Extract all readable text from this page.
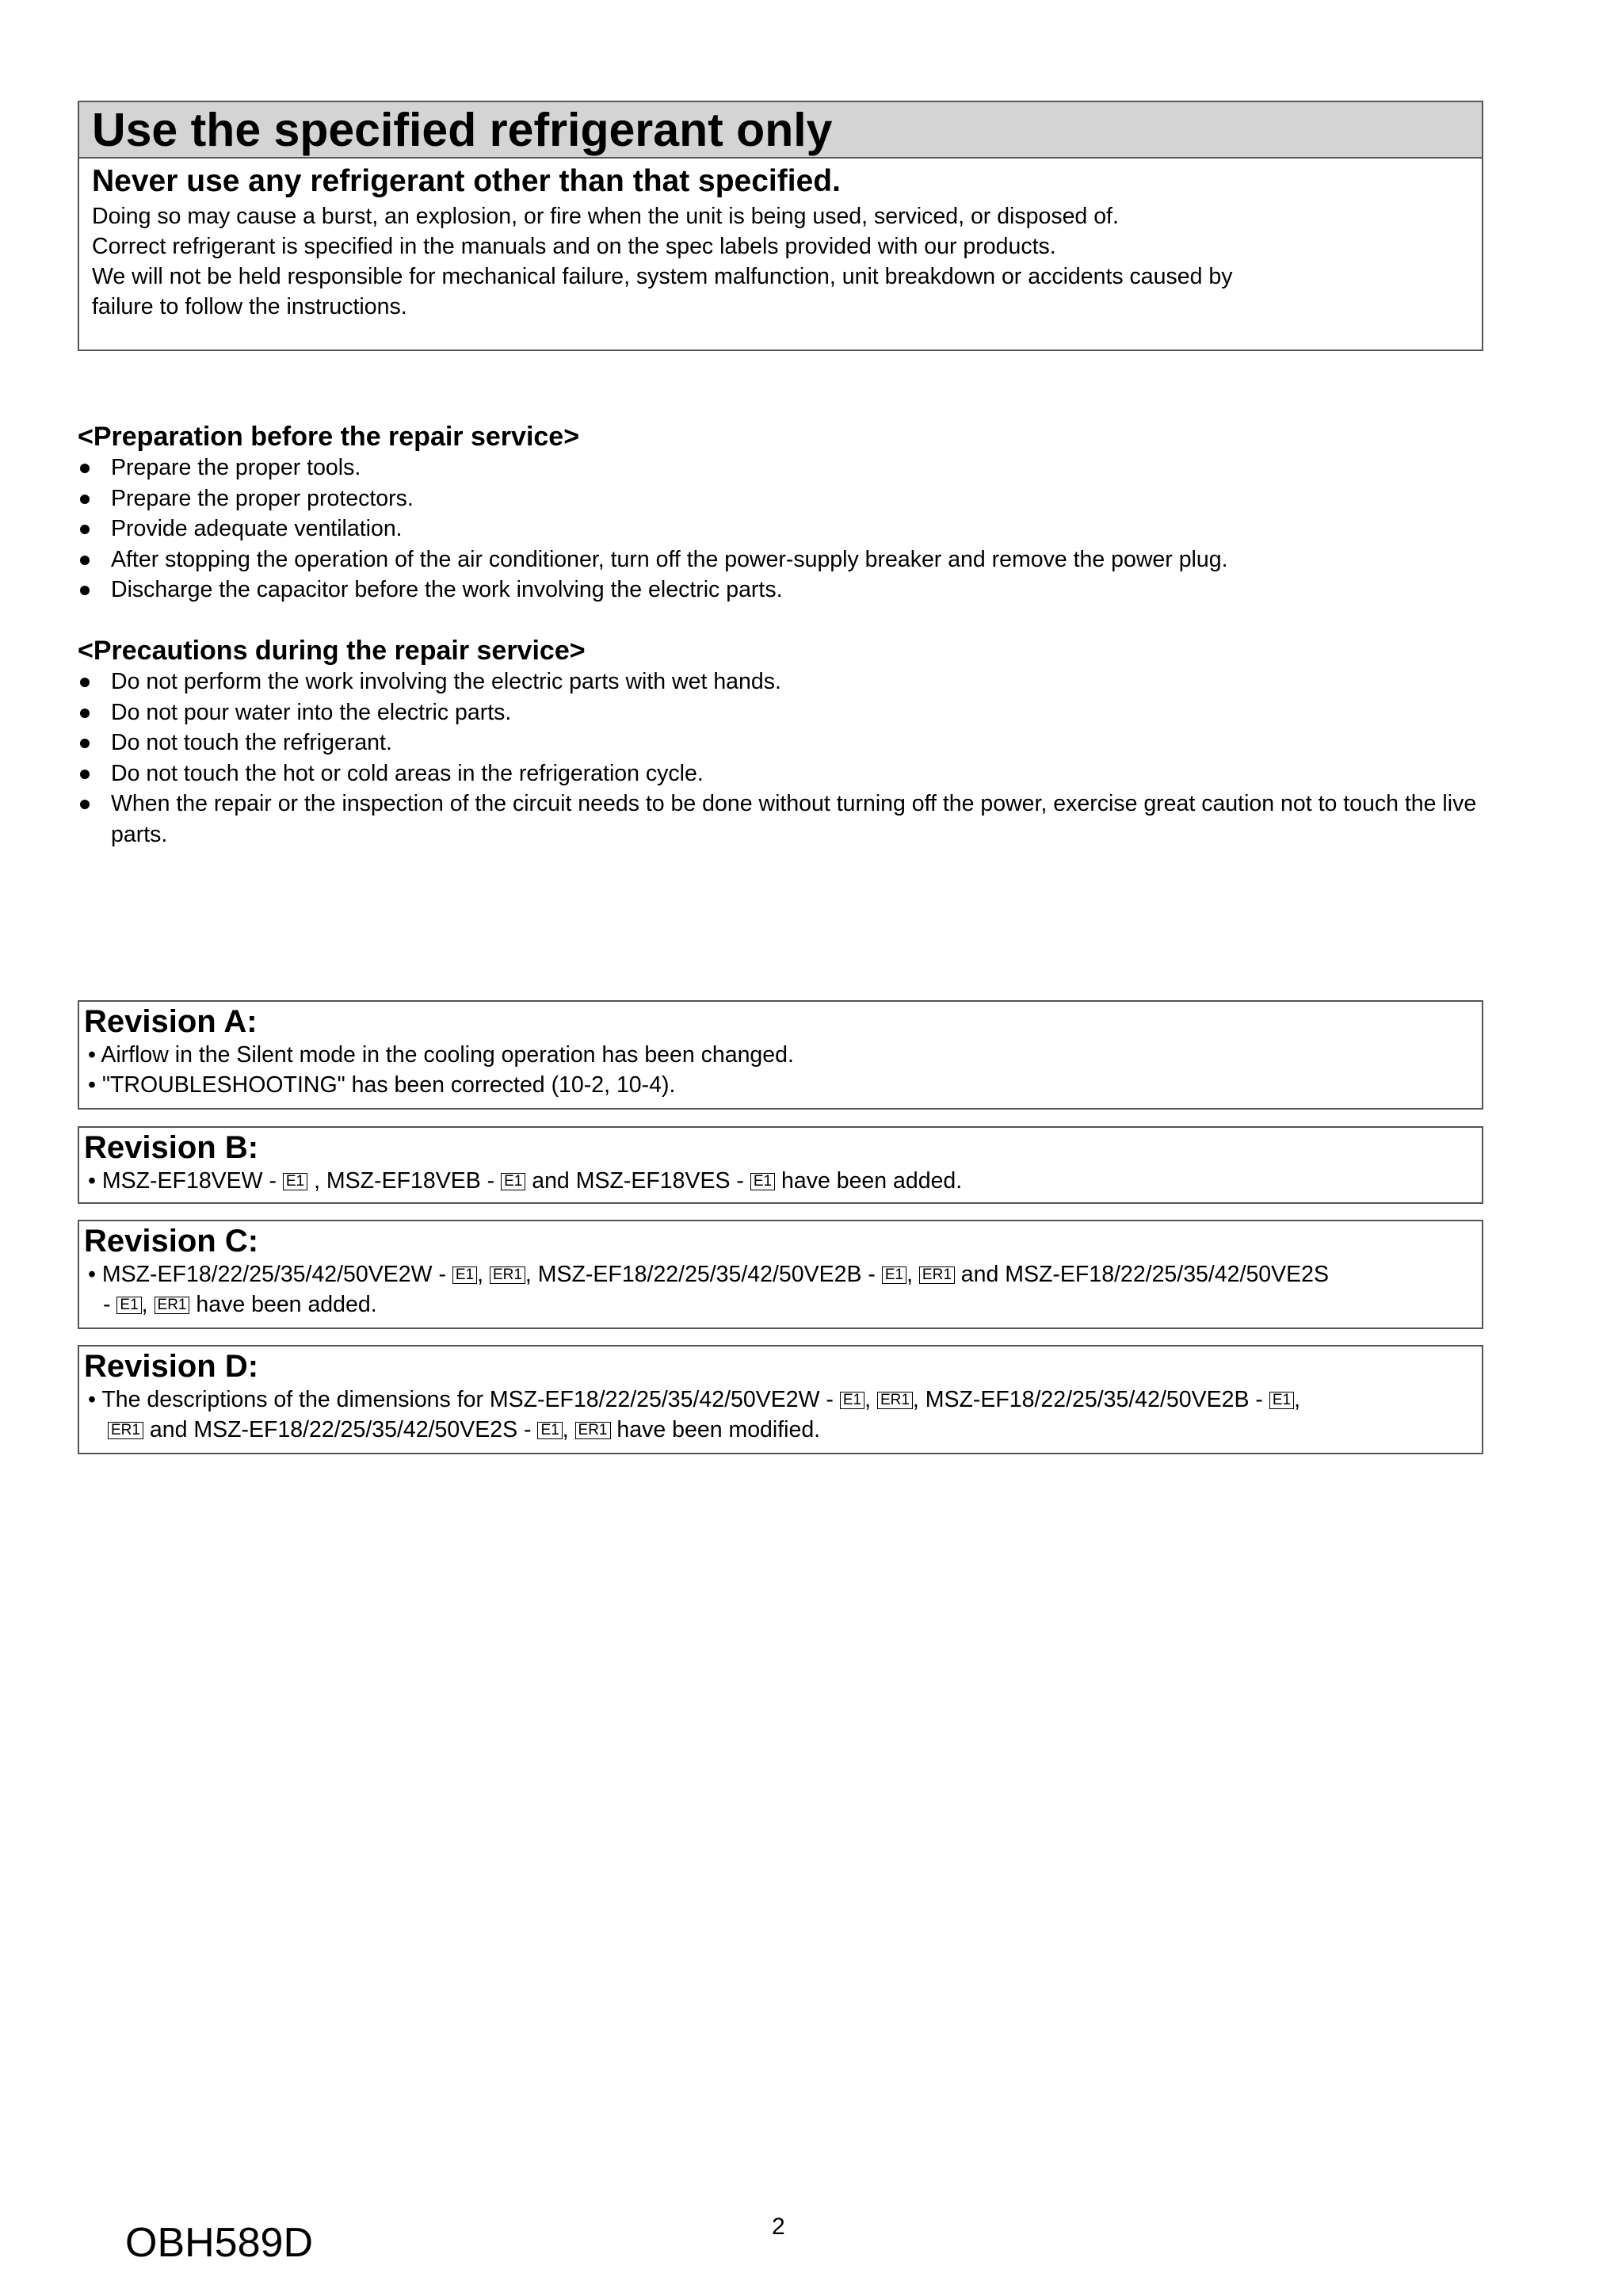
Use the specified refrigerant only
Never use any refrigerant other than that specified.
Doing so may cause a burst, an explosion, or fire when the unit is being used, serviced, or disposed of.
Correct refrigerant is specified in the manuals and on the spec labels provided with our products.
We will not be held responsible for mechanical failure, system malfunction, unit breakdown or accidents caused by
failure to follow the instructions.
<Preparation before the repair service>
Prepare the proper tools.
Prepare the proper protectors.
Provide adequate ventilation.
After stopping the operation of the air conditioner, turn off the power-supply breaker and remove the power plug.
Discharge the capacitor before the work involving the electric parts.
<Precautions during the repair service>
Do not perform the work involving the electric parts with wet hands.
Do not pour water into the electric parts.
Do not touch the refrigerant.
Do not touch the hot or cold areas in the refrigeration cycle.
When the repair or the inspection of the circuit needs to be done without turning off the power, exercise great caution not to touch the live parts.
Revision A:
• Airflow in the Silent mode in the cooling operation has been changed.
• "TROUBLESHOOTING" has been corrected (10-2, 10-4).
Revision B:
• MSZ-EF18VEW - E1 , MSZ-EF18VEB - E1 and MSZ-EF18VES - E1 have been added.
Revision C:
• MSZ-EF18/22/25/35/42/50VE2W - E1 , ER1 , MSZ-EF18/22/25/35/42/50VE2B - E1 , ER1 and MSZ-EF18/22/25/35/42/50VE2S
- E1 , ER1 have been added.
Revision D:
• The descriptions of the dimensions for MSZ-EF18/22/25/35/42/50VE2W - E1 , ER1 , MSZ-EF18/22/25/35/42/50VE2B - E1 ,
ER1 and MSZ-EF18/22/25/35/42/50VE2S - E1 , ER1 have been modified.
OBH589D	2
